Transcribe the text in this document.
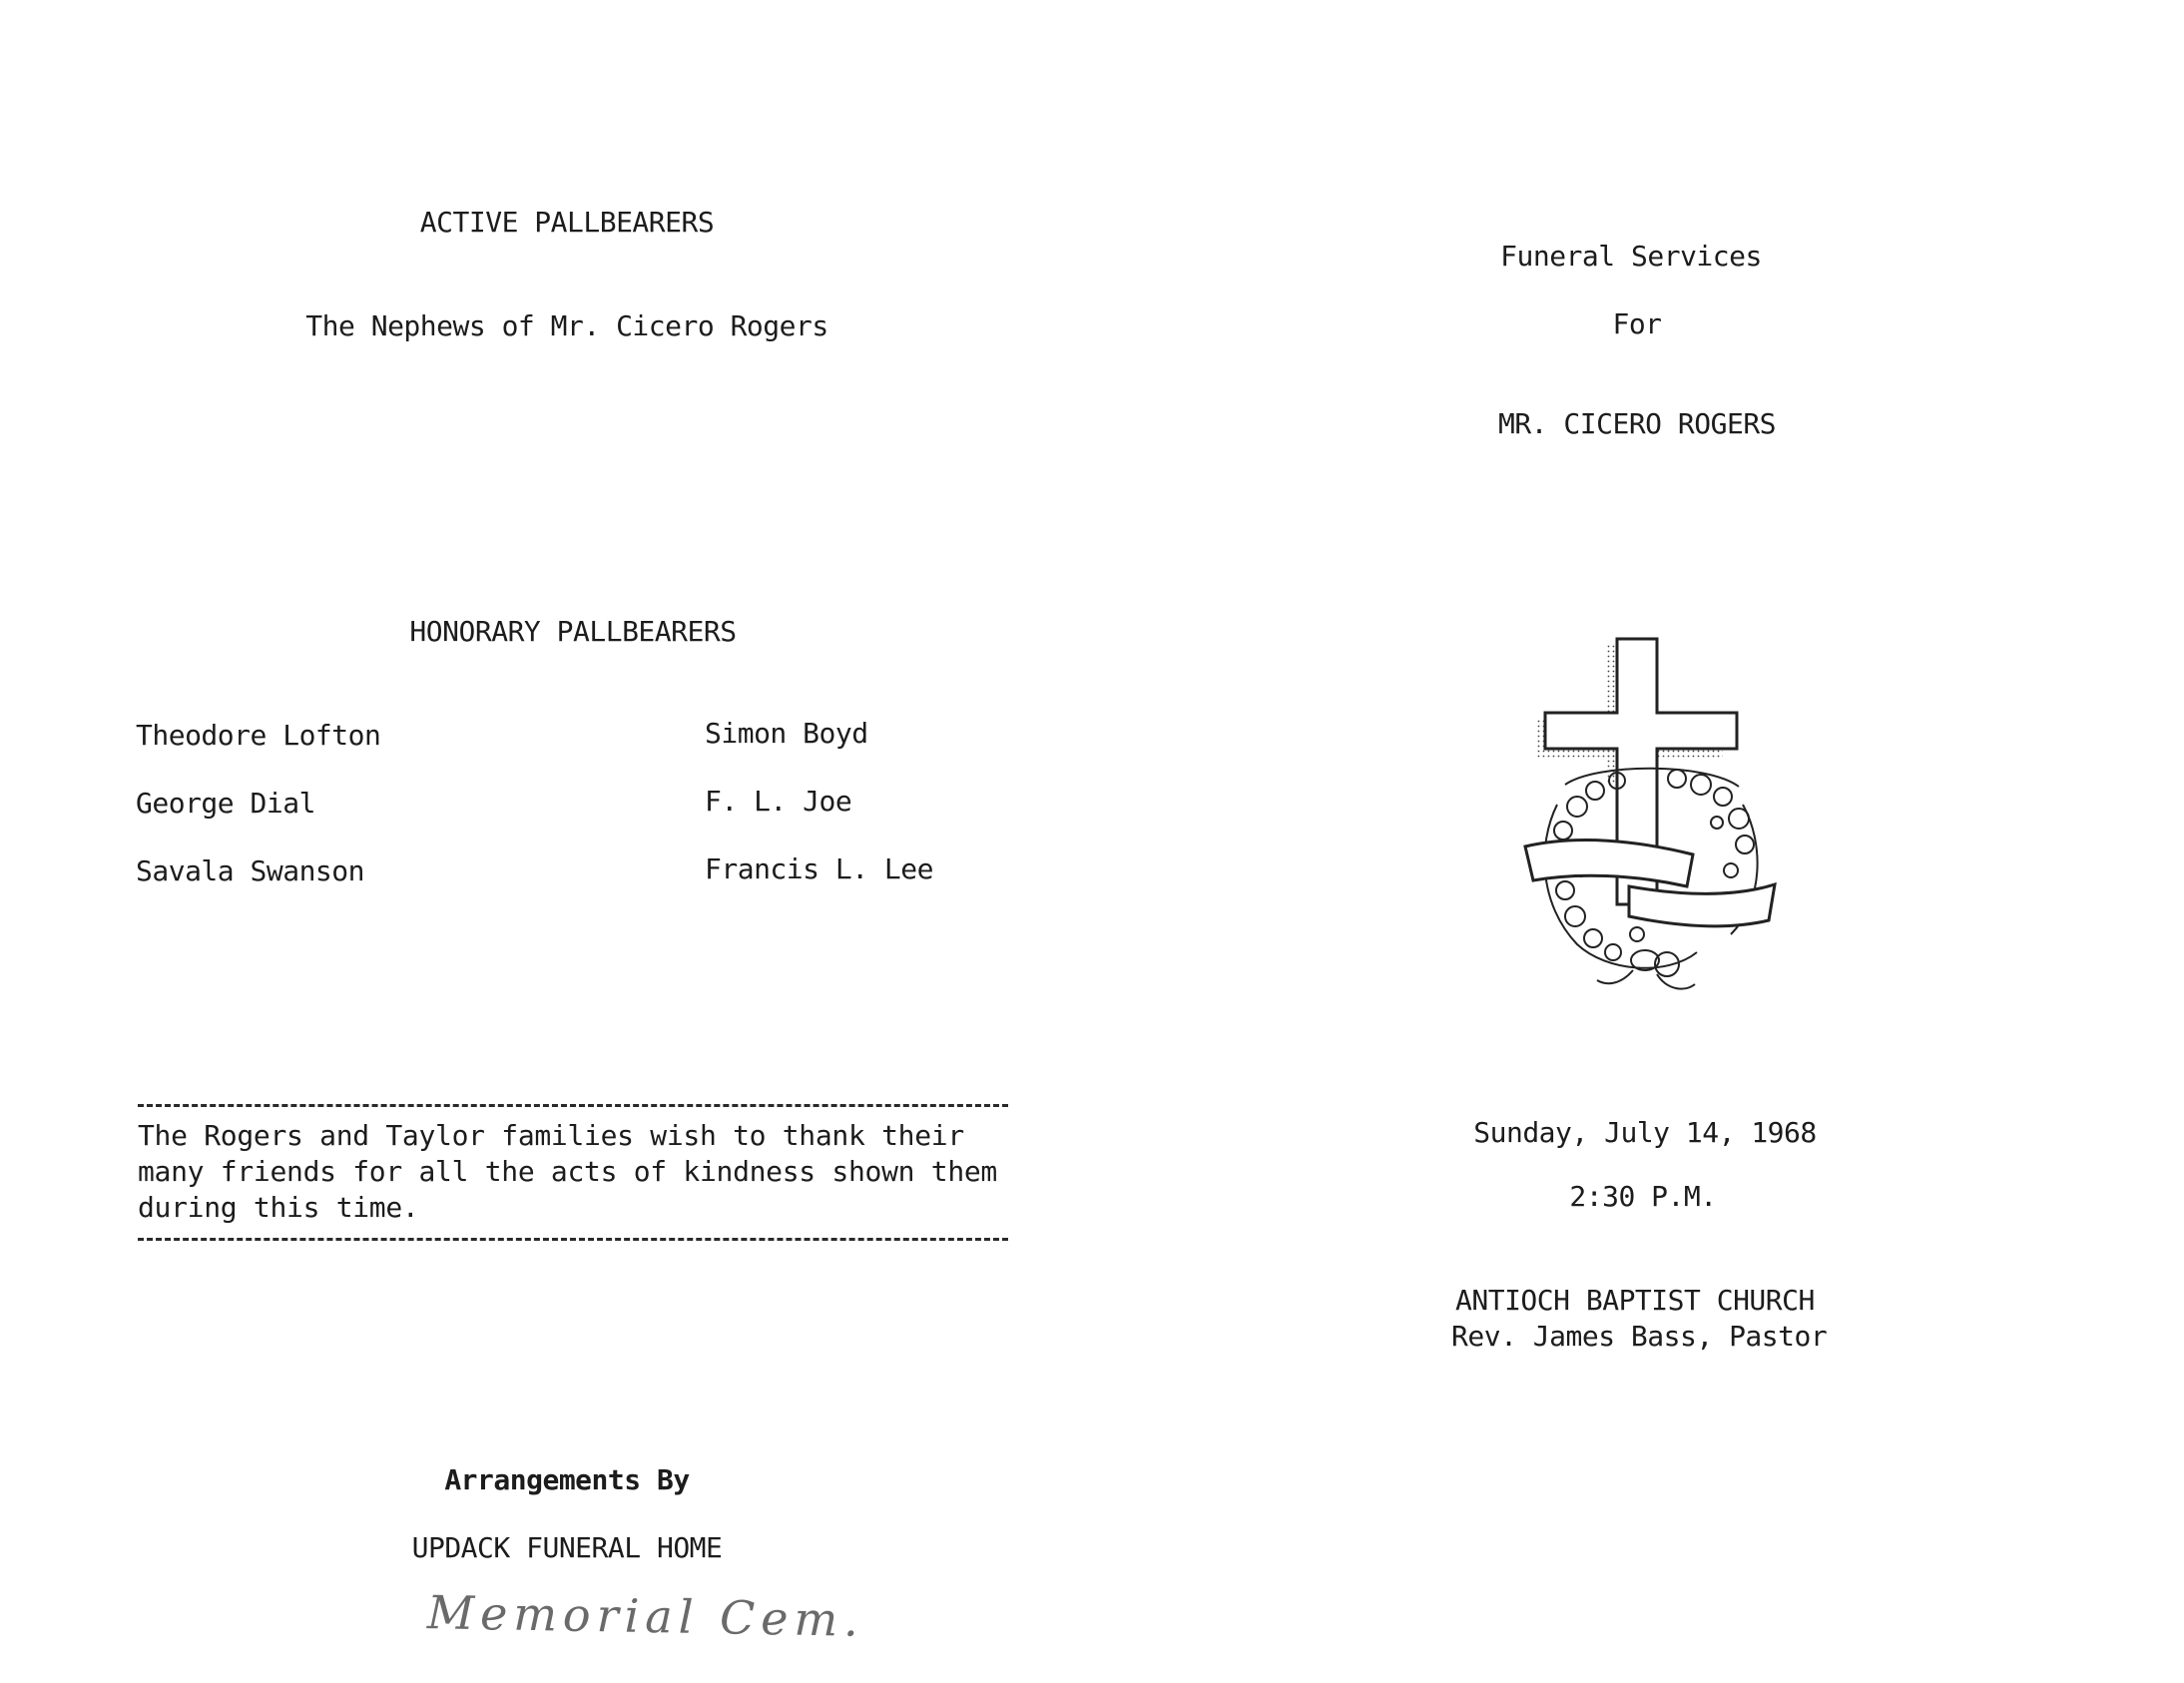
ACTIVE PALLBEARERS
The Nephews of Mr. Cicero Rogers
HONORARY PALLBEARERS
Theodore Lofton
George Dial
Savala Swanson
Simon Boyd
F. L. Joe
Francis L. Lee
The Rogers and Taylor families wish to thank their
many friends for all the acts of kindness shown them
during this time.
Arrangements By
UPDACK FUNERAL HOME
Memorial Cem.
Funeral Services
For
MR. CICERO ROGERS
Sunday, July 14, 1968
2:30 P.M.
ANTIOCH BAPTIST CHURCH
Rev. James Bass, Pastor
